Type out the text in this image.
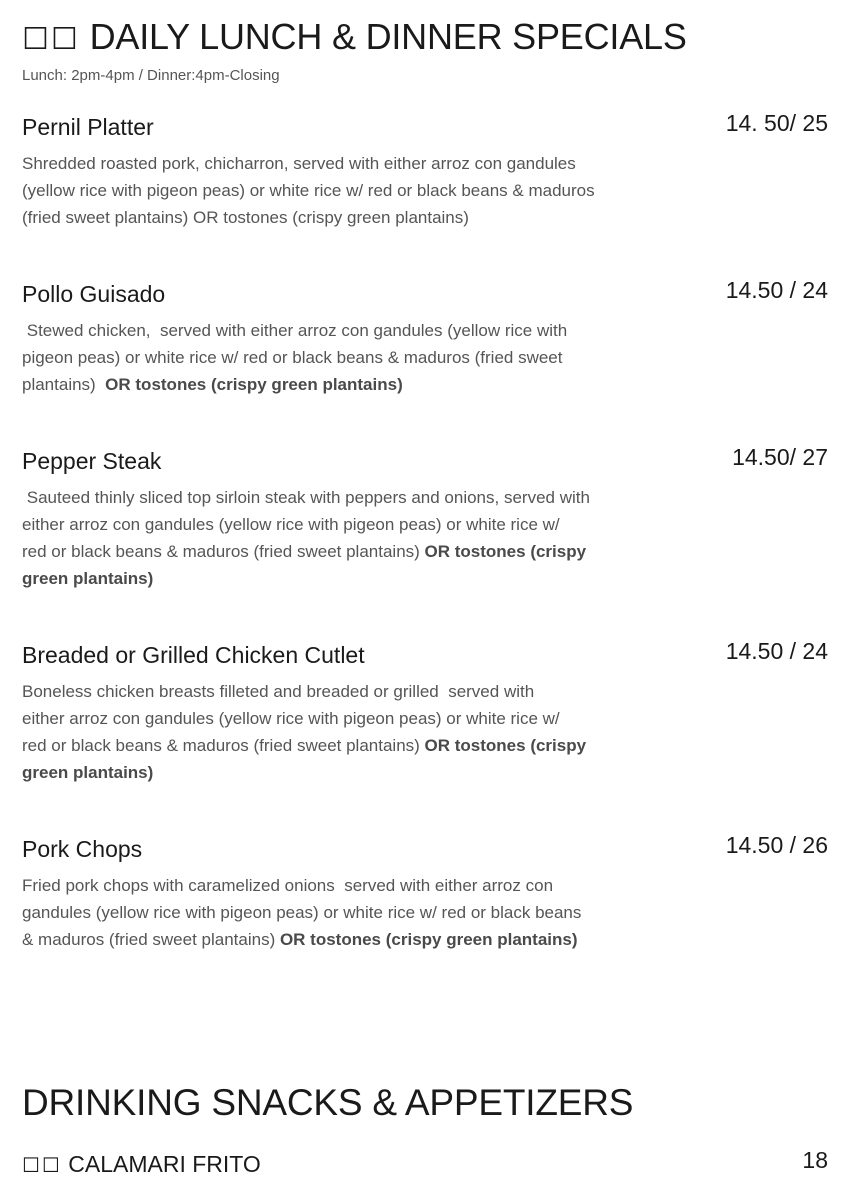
☐☐ DAILY LUNCH & DINNER SPECIALS
Lunch: 2pm-4pm / Dinner:4pm-Closing
Pernil Platter	14. 50/ 25
Shredded roasted pork, chicharron, served with either arroz con gandules
(yellow rice with pigeon peas) or white rice w/ red or black beans & maduros
(fried sweet plantains) OR tostones (crispy green plantains)
Pollo Guisado	14.50 / 24
Stewed chicken,  served with either arroz con gandules (yellow rice with
pigeon peas) or white rice w/ red or black beans & maduros (fried sweet
plantains)  OR tostones (crispy green plantains)
Pepper Steak	14.50/ 27
Sauteed thinly sliced top sirloin steak with peppers and onions, served with
either arroz con gandules (yellow rice with pigeon peas) or white rice w/
red or black beans & maduros (fried sweet plantains) OR tostones (crispy green plantains)
Breaded or Grilled Chicken Cutlet	14.50 / 24
Boneless chicken breasts filleted and breaded or grilled  served with
either arroz con gandules (yellow rice with pigeon peas) or white rice w/
red or black beans & maduros (fried sweet plantains) OR tostones (crispy green plantains)
Pork Chops	14.50 / 26
Fried pork chops with caramelized onions  served with either arroz con
gandules (yellow rice with pigeon peas) or white rice w/ red or black beans
& maduros (fried sweet plantains) OR tostones (crispy green plantains)
DRINKING SNACKS & APPETIZERS
☐☐ CALAMARI FRITO	18
